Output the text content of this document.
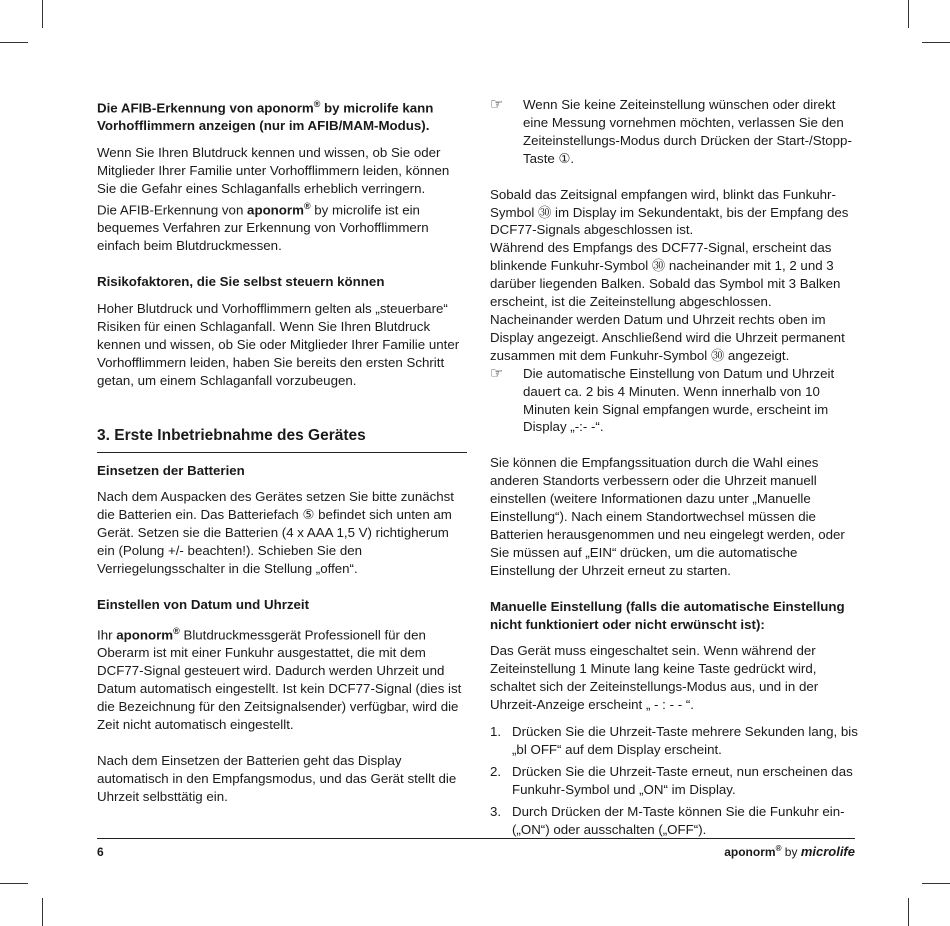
Die AFIB-Erkennung von aponorm® by microlife kann Vorhofflimmern anzeigen (nur im AFIB/MAM-Modus).

Wenn Sie Ihren Blutdruck kennen und wissen, ob Sie oder Mitglieder Ihrer Familie unter Vorhofflimmern leiden, können Sie die Gefahr eines Schlaganfalls erheblich verringern.

Die AFIB-Erkennung von aponorm® by microlife ist ein bequemes Verfahren zur Erkennung von Vorhofflimmern einfach beim Blutdruckmessen.

Risikofaktoren, die Sie selbst steuern können

Hoher Blutdruck und Vorhofflimmern gelten als „steuerbare“ Risiken für einen Schlaganfall. Wenn Sie Ihren Blutdruck kennen und wissen, ob Sie oder Mitglieder Ihrer Familie unter Vorhofflimmern leiden, haben Sie bereits den ersten Schritt getan, um einem Schlaganfall vorzubeugen.

3. Erste Inbetriebnahme des Gerätes

Einsetzen der Batterien

Nach dem Auspacken des Gerätes setzen Sie bitte zunächst die Batterien ein. Das Batteriefach ⑤ befindet sich unten am Gerät. Setzen sie die Batterien (4 x AAA 1,5 V) richtigherum ein (Polung +/- beachten!). Schieben Sie den Verriegelungsschalter in die Stellung „offen“.

Einstellen von Datum und Uhrzeit

Ihr aponorm® Blutdruckmessgerät Professionell für den Oberarm ist mit einer Funkuhr ausgestattet, die mit dem DCF77-Signal gesteuert wird. Dadurch werden Uhrzeit und Datum automatisch eingestellt. Ist kein DCF77-Signal (dies ist die Bezeichnung für den Zeitsignalsender) verfügbar, wird die Zeit nicht automatisch eingestellt.

Nach dem Einsetzen der Batterien geht das Display automatisch in den Empfangsmodus, und das Gerät stellt die Uhrzeit selbsttätig ein.

☞ Wenn Sie keine Zeiteinstellung wünschen oder direkt eine Messung vornehmen möchten, verlassen Sie den Zeiteinstellungs-Modus durch Drücken der Start-/Stopp-Taste ①.

Sobald das Zeitsignal empfangen wird, blinkt das Funkuhr-Symbol ㉚ im Display im Sekundentakt, bis der Empfang des DCF77-Signals abgeschlossen ist.

Während des Empfangs des DCF77-Signal, erscheint das blinkende Funkuhr-Symbol ㉚ nacheinander mit 1, 2 und 3 darüber liegenden Balken. Sobald das Symbol mit 3 Balken erscheint, ist die Zeiteinstellung abgeschlossen. Nacheinander werden Datum und Uhrzeit rechts oben im Display angezeigt. Anschließend wird die Uhrzeit permanent zusammen mit dem Funkuhr-Symbol ㉚ angezeigt.

☞ Die automatische Einstellung von Datum und Uhrzeit dauert ca. 2 bis 4 Minuten. Wenn innerhalb von 10 Minuten kein Signal empfangen wurde, erscheint im Display „-:- -“.

Sie können die Empfangssituation durch die Wahl eines anderen Standorts verbessern oder die Uhrzeit manuell einstellen (weitere Informationen dazu unter „Manuelle Einstellung“). Nach einem Standortwechsel müssen die Batterien herausgenommen und neu eingelegt werden, oder Sie müssen auf „EIN“ drücken, um die automatische Einstellung der Uhrzeit erneut zu starten.

Manuelle Einstellung (falls die automatische Einstellung nicht funktioniert oder nicht erwünscht ist):

Das Gerät muss eingeschaltet sein. Wenn während der Zeiteinstellung 1 Minute lang keine Taste gedrückt wird, schaltet sich der Zeiteinstellungs-Modus aus, und in der Uhrzeit-Anzeige erscheint „ - : - - “.

1. Drücken Sie die Uhrzeit-Taste mehrere Sekunden lang, bis „bl OFF“ auf dem Display erscheint.

2. Drücken Sie die Uhrzeit-Taste erneut, nun erscheinen das Funkuhr-Symbol und „ON“ im Display.

3. Durch Drücken der M-Taste können Sie die Funkuhr ein- („ON“) oder ausschalten („OFF“).

6	aponorm® by microlife
